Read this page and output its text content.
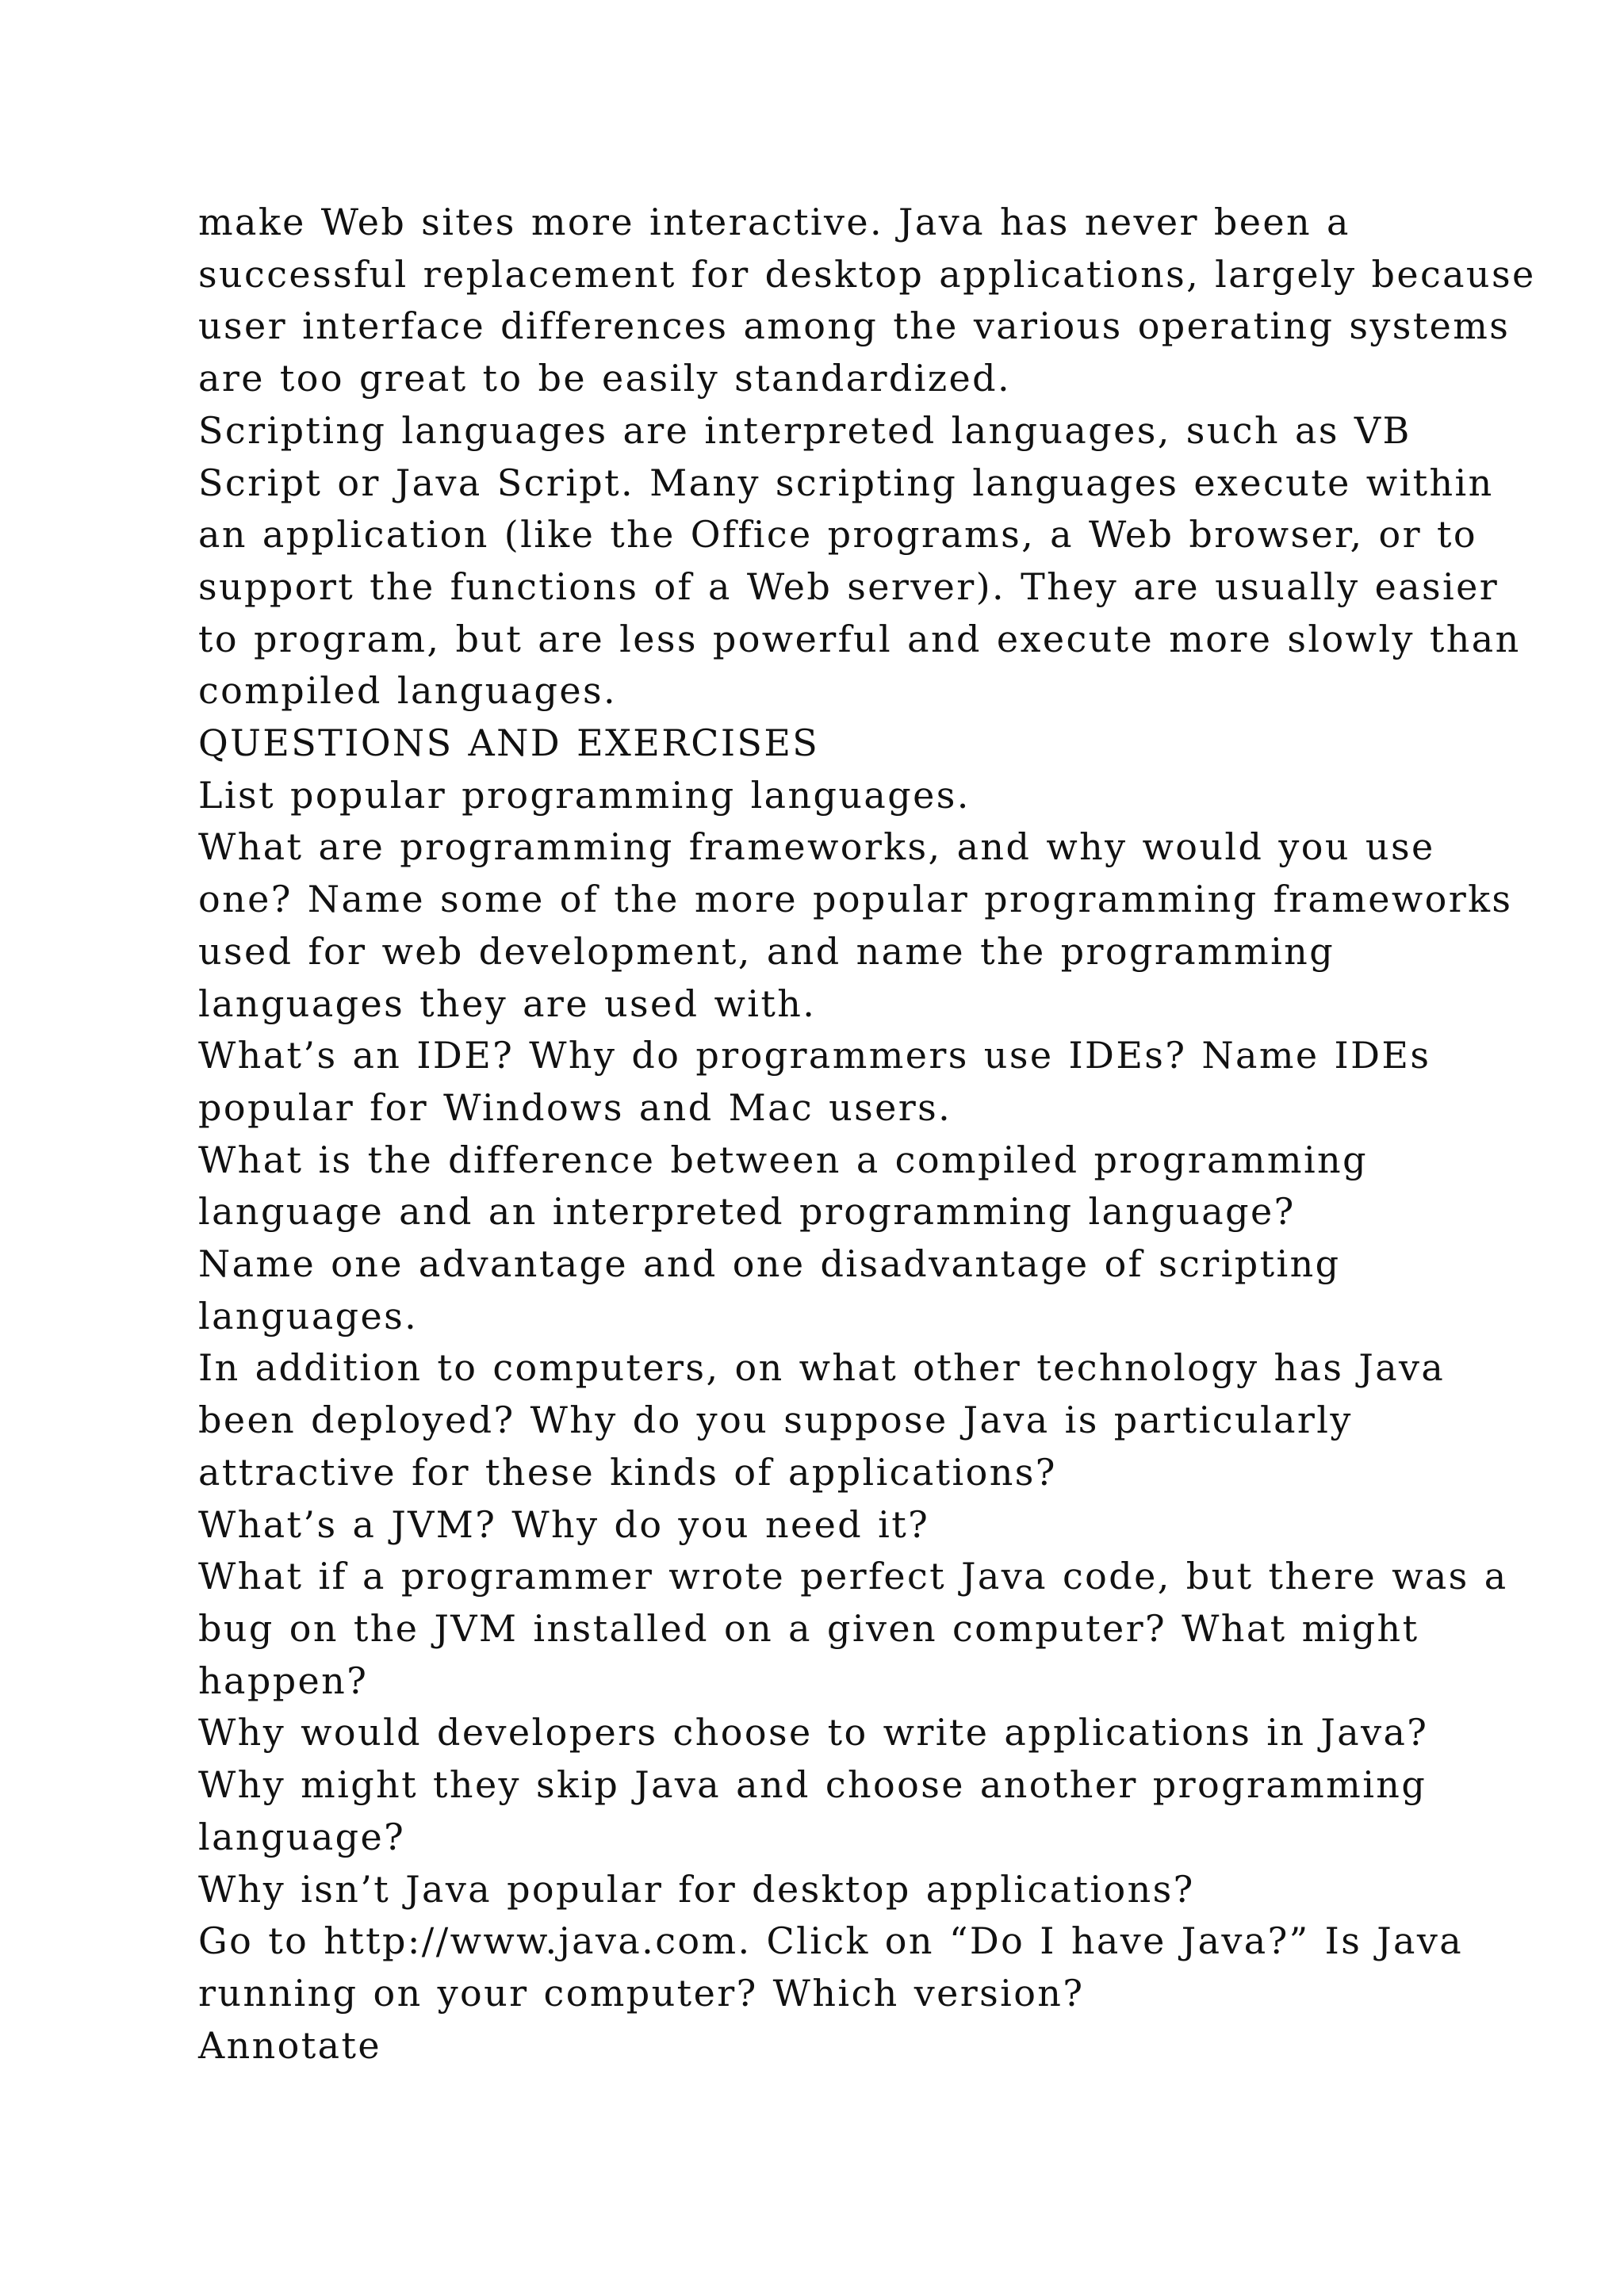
make Web sites more interactive. Java has never been a
successful replacement for desktop applications, largely because
user interface differences among the various operating systems
are too great to be easily standardized.
Scripting languages are interpreted languages, such as VB
Script or Java Script. Many scripting languages execute within
an application (like the Office programs, a Web browser, or to
support the functions of a Web server). They are usually easier
to program, but are less powerful and execute more slowly than
compiled languages.
QUESTIONS AND EXERCISES
List popular programming languages.
What are programming frameworks, and why would you use
one? Name some of the more popular programming frameworks
used for web development, and name the programming
languages they are used with.
What’s an IDE? Why do programmers use IDEs? Name IDEs
popular for Windows and Mac users.
What is the difference between a compiled programming
language and an interpreted programming language?
Name one advantage and one disadvantage of scripting
languages.
In addition to computers, on what other technology has Java
been deployed? Why do you suppose Java is particularly
attractive for these kinds of applications?
What’s a JVM? Why do you need it?
What if a programmer wrote perfect Java code, but there was a
bug on the JVM installed on a given computer? What might
happen?
Why would developers choose to write applications in Java?
Why might they skip Java and choose another programming
language?
Why isn’t Java popular for desktop applications?
Go to http://www.java.com. Click on “Do I have Java?” Is Java
running on your computer? Which version?
Annotate
